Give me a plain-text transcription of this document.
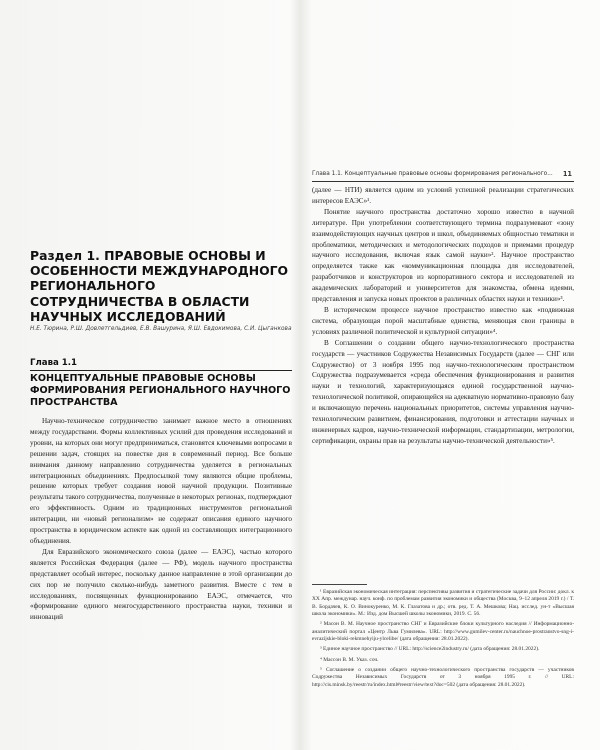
Раздел 1. ПРАВОВЫЕ ОСНОВЫ И ОСОБЕННОСТИ МЕЖДУНАРОДНОГО РЕГИОНАЛЬНОГО СОТРУДНИЧЕСТВА В ОБЛАСТИ НАУЧНЫХ ИССЛЕДОВАНИЙ
Н.Е. Тюрина, Р.Ш. Довлетгельдиев, Е.В. Вашурина, Я.Ш. Евдокимова, С.И. Цыганкова
Глава 1.1
КОНЦЕПТУАЛЬНЫЕ ПРАВОВЫЕ ОСНОВЫ ФОРМИРОВАНИЯ РЕГИОНАЛЬНОГО НАУЧНОГО ПРОСТРАНСТВА

Научно-техническое сотрудничество занимает важное место в отношениях между государствами. Формы коллективных усилий для проведения исследований и уровни, на которых они могут предприниматься, становятся ключевыми вопросами в решении задач, стоящих на повестке дня в современный период. Все больше внимания данному направлению сотрудничества уделяется в региональных интеграционных объединениях. Предпосылкой тому являются общие проблемы, решение которых требует создания новой научной продукции. Позитивные результаты такого сотрудничества, полученные в некоторых регионах, подтверждают его эффективность. Одним из традиционных инструментов региональной интеграции, ни «новый регионализм» не содержат описания единого научного пространства в юридическом аспекте как одной из составляющих интеграционного объединения.

Для Евразийского экономического союза (далее — ЕАЭС), частью которого является Российская Федерация (далее — РФ), модель научного пространства представляет особый интерес, поскольку данное направление в этой организации до сих пор не получило сколько-нибудь заметного развития. Вместе с тем в исследованиях, посвященных функционированию ЕАЭС, отмечается, что «формирование единого межгосударственного пространства науки, техники и инноваций

Глава 1.1. Концептуальные правовые основы формирования регионального... 11

(далее — НТИ) является одним из условий успешной реализации стратегических интересов ЕАЭС»¹.

Понятие научного пространства достаточно хорошо известно в научной литературе. При употреблении соответствующего термина подразумевают «зону взаимодействующих научных центров и школ, объединяемых общностью тематики и проблематики, методических и методологических подходов и приемами процедур научного исследования, включая язык самой науки»². Научное пространство определяется также как «коммуникационная площадка для исследователей, разработчиков и конструкторов из корпоративного сектора и исследователей из академических лабораторий и университетов для знакомства, обмена идеями, представления и запуска новых проектов в различных областях науки и техники»³.

В историческом процессе научное пространство известно как «подвижная система, образующая порой масштабные единства, меняющая свои границы в условиях различной политической и культурной ситуации»⁴.

В Соглашении о создании общего научно-технологического пространства государств — участников Содружества Независимых Государств (далее — СНГ или Содружество) от 3 ноября 1995 под научно-технологическим пространством Содружества подразумевается «среда обеспечения функционирования и развития науки и технологий, характеризующаяся единой государственной научно-технологической политикой, опирающейся на адекватную нормативно-правовую базу и включающую перечень национальных приоритетов, системы управления научно-технологическим развитием, финансирования, подготовки и аттестации научных и инженерных кадров, научно-технической информации, стандартизации, метрологии, сертификации, охраны прав на результаты научно-технической деятельности»⁵.

¹ Евразийская экономическая интеграция: перспективы развития и стратегические задачи для России: докл. к XX Апр. междунар. науч. конф. по проблемам развития экономики и общества (Москва, 9–12 апреля 2019 г.) / Т. В. Бордачев, К. О. Винокуренко, М. К. Глазатова и др.; отв. ред. Т. А. Мешкова; Нац. исслед. ун-т «Высшая школа экономики». М.: Изд. дом Высшей школы экономики, 2019. С. 56.

² Масон В. М. Научное пространство СНГ и Евразийские блоки культурного наследия // Информационно-аналитический портал «Центр Льва Гумилева». URL: http://www.gumilev-center.ru/nauchnoe-prostranstvo-sng-i-evrazijskie-bloki-rekmnehyiju-ylcelibe/ (дата обращения: 28.01.2022).

³ Единое научное пространство // URL: http://science2industry.ru/ (дата обращения: 28.01.2022).

⁴ Массон В. М. Указ. соч.

⁵ Соглашение о создании общего научно-технологического пространства государств — участников Содружества Независимых Государств от 3 ноября 1995 г. // URL: http://cis.minsk.by/reestr/ru/index.html#reestr/view/text?doc=502 (дата обращения: 28.01.2022).
